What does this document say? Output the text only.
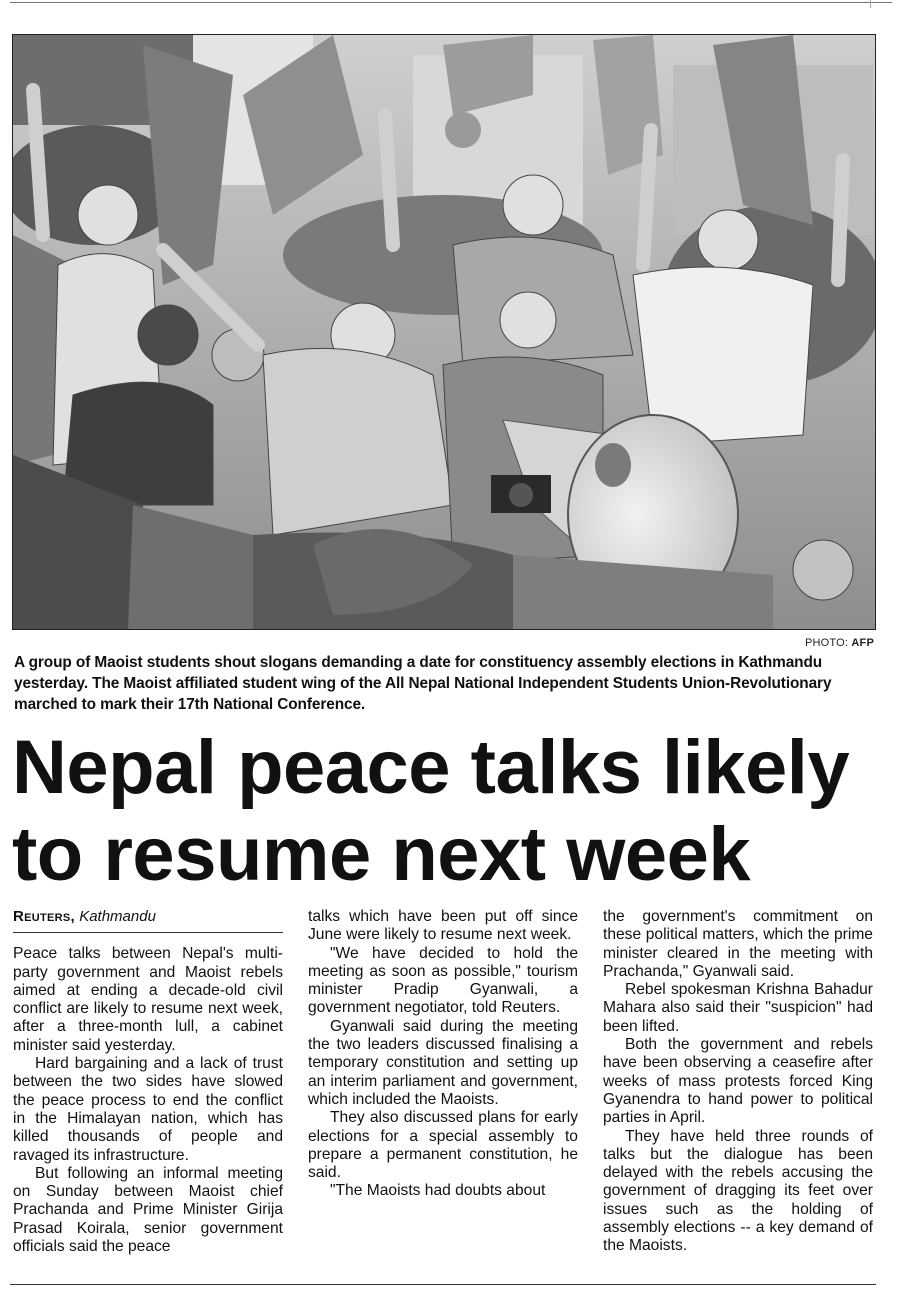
PHOTO: AFP
A group of Maoist students shout slogans demanding a date for constituency assembly elections in Kathmandu yesterday. The Maoist affiliated student wing of the All Nepal National Independent Students Union-Revolutionary marched to mark their 17th National Conference.
Nepal peace talks likely
to resume next week
Reuters, Kathmandu

Peace talks between Nepal's multi-party government and Maoist rebels aimed at ending a decade-old civil conflict are likely to resume next week, after a three-month lull, a cabinet minister said yesterday.

Hard bargaining and a lack of trust between the two sides have slowed the peace process to end the conflict in the Himalayan nation, which has killed thousands of people and ravaged its infrastructure.

But following an informal meeting on Sunday between Maoist chief Prachanda and Prime Minister Girija Prasad Koirala, senior government officials said the peace

talks which have been put off since June were likely to resume next week.

"We have decided to hold the meeting as soon as possible," tourism minister Pradip Gyanwali, a government negotiator, told Reuters.

Gyanwali said during the meeting the two leaders discussed finalising a temporary constitution and setting up an interim parliament and government, which included the Maoists.

They also discussed plans for early elections for a special assembly to prepare a permanent constitution, he said.

"The Maoists had doubts about

the government's commitment on these political matters, which the prime minister cleared in the meeting with Prachanda," Gyanwali said.

Rebel spokesman Krishna Bahadur Mahara also said their "suspicion" had been lifted.

Both the government and rebels have been observing a ceasefire after weeks of mass protests forced King Gyanendra to hand power to political parties in April.

They have held three rounds of talks but the dialogue has been delayed with the rebels accusing the government of dragging its feet over issues such as the holding of assembly elections -- a key demand of the Maoists.
